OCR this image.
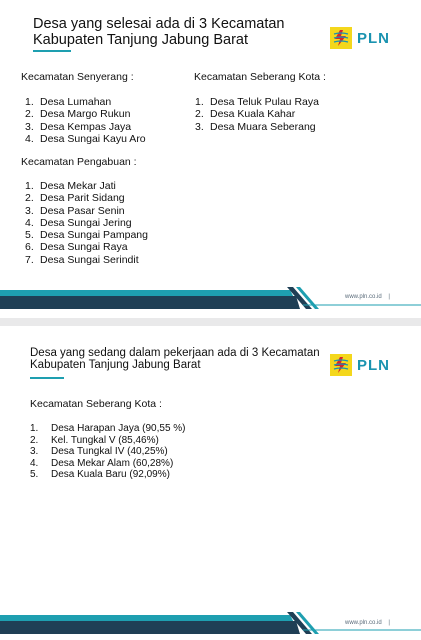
Desa yang selesai ada di 3 Kecamatan
Kabupaten Tanjung Jabung Barat	PLN
Kecamatan Senyerang :
1. Desa Lumahan
2. Desa Margo Rukun
3. Desa Kempas Jaya
4. Desa Sungai Kayu Aro
Kecamatan Pengabuan :
1. Desa Mekar Jati
2. Desa Parit Sidang
3. Desa Pasar Senin
4. Desa Sungai Jering
5. Desa Sungai Pampang
6. Desa Sungai Raya
7. Desa Sungai Serindit
Kecamatan Seberang Kota :
1. Desa Teluk Pulau Raya
2. Desa Kuala Kahar
3. Desa Muara Seberang
www.pln.co.id |
Desa yang sedang dalam pekerjaan ada di 3 Kecamatan
Kabupaten Tanjung Jabung Barat	PLN
Kecamatan Seberang Kota :
1.	Desa Harapan Jaya (90,55 %)
2.	Kel. Tungkal V (85,46%)
3.	Desa Tungkal IV (40,25%)
4.	Desa Mekar Alam (60,28%)
5.	Desa Kuala Baru (92,09%)
www.pln.co.id |
